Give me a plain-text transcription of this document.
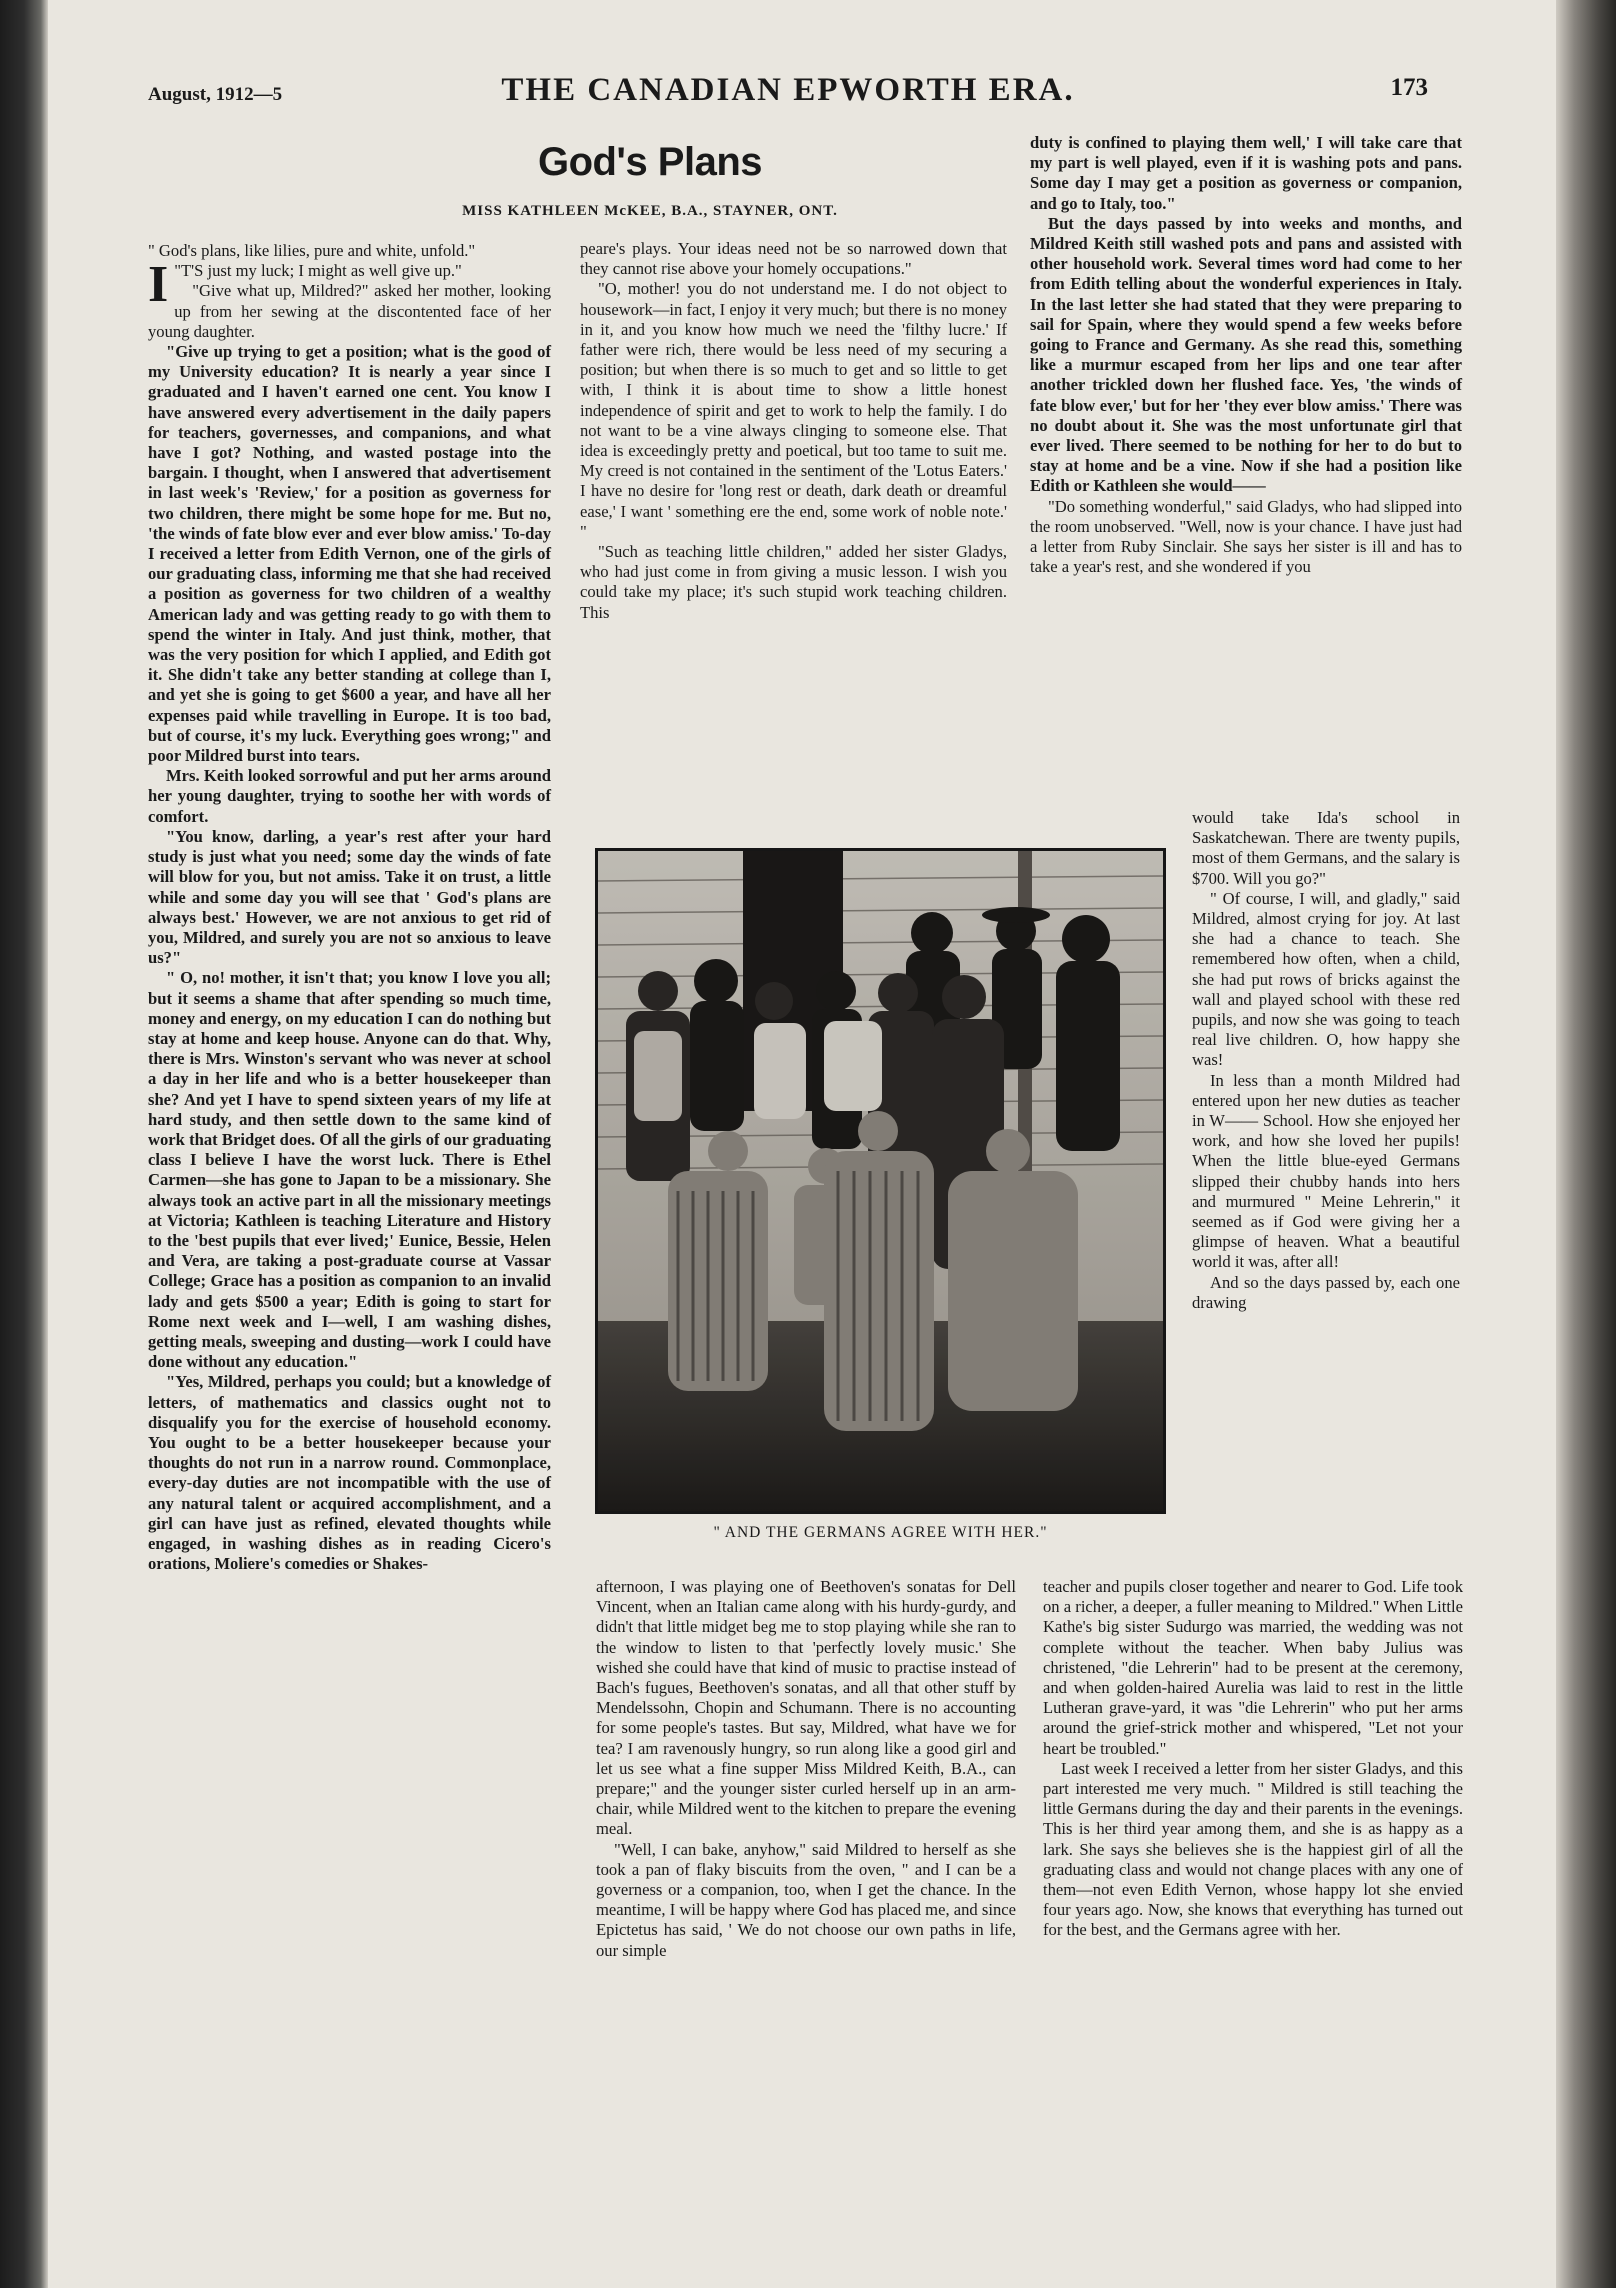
August, 1912—5	THE CANADIAN EPWORTH ERA.	173
God's Plans
MISS KATHLEEN McKEE, B.A., STAYNER, ONT.

" God's plans, like lilies, pure and white, unfold."

I "T'S just my luck; I might as well give up."

"Give what up, Mildred?" asked her mother, looking up from her sewing at the discontented face of her young daughter.

"Give up trying to get a position; what is the good of my University education? It is nearly a year since I graduated and I haven't earned one cent. You know I have answered every advertisement in the daily papers for teachers, governesses, and companions, and what have I got? Nothing, and wasted postage into the bargain. I thought, when I answered that advertisement in last week's 'Review,' for a position as governess for two children, there might be some hope for me. But no, 'the winds of fate blow ever and ever blow amiss.' To-day I received a letter from Edith Vernon, one of the girls of our graduating class, informing me that she had received a position as governess for two children of a wealthy American lady and was getting ready to go with them to spend the winter in Italy. And just think, mother, that was the very position for which I applied, and Edith got it. She didn't take any better standing at college than I, and yet she is going to get $600 a year, and have all her expenses paid while travelling in Europe. It is too bad, but of course, it's my luck. Everything goes wrong;" and poor Mildred burst into tears.

Mrs. Keith looked sorrowful and put her arms around her young daughter, trying to soothe her with words of comfort.

"You know, darling, a year's rest after your hard study is just what you need; some day the winds of fate will blow for you, but not amiss. Take it on trust, a little while and some day you will see that ' God's plans are always best.' However, we are not anxious to get rid of you, Mildred, and surely you are not so anxious to leave us?"

" O, no! mother, it isn't that; you know I love you all; but it seems a shame that after spending so much time, money and energy, on my education I can do nothing but stay at home and keep house. Anyone can do that. Why, there is Mrs. Winston's servant who was never at school a day in her life and who is a better housekeeper than she? And yet I have to spend sixteen years of my life at hard study, and then settle down to the same kind of work that Bridget does. Of all the girls of our graduating class I believe I have the worst luck. There is Ethel Carmen—she has gone to Japan to be a missionary. She always took an active part in all the missionary meetings at Victoria; Kathleen is teaching Literature and History to the 'best pupils that ever lived;' Eunice, Bessie, Helen and Vera, are taking a post-graduate course at Vassar College; Grace has a position as companion to an invalid lady and gets $500 a year; Edith is going to start for Rome next week and I—well, I am washing dishes, getting meals, sweeping and dusting—work I could have done without any education."

"Yes, Mildred, perhaps you could; but a knowledge of letters, of mathematics and classics ought not to disqualify you for the exercise of household economy. You ought to be a better housekeeper because your thoughts do not run in a narrow round. Commonplace, every-day duties are not incompatible with the use of any natural talent or acquired accomplishment, and a girl can have just as refined, elevated thoughts while engaged, in washing dishes as in reading Cicero's orations, Moliere's comedies or Shakes-

peare's plays. Your ideas need not be so narrowed down that they cannot rise above your homely occupations."

"O, mother! you do not understand me. I do not object to housework—in fact, I enjoy it very much; but there is no money in it, and you know how much we need the 'filthy lucre.' If father were rich, there would be less need of my securing a position; but when there is so much to get and so little to get with, I think it is about time to show a little honest independence of spirit and get to work to help the family. I do not want to be a vine always clinging to someone else. That idea is exceedingly pretty and poetical, but too tame to suit me. My creed is not contained in the sentiment of the 'Lotus Eaters.' I have no desire for 'long rest or death, dark death or dreamful ease,' I want ' something ere the end, some work of noble note.' "

"Such as teaching little children," added her sister Gladys, who had just come in from giving a music lesson. I wish you could take my place; it's such stupid work teaching children. This

duty is confined to playing them well,' I will take care that my part is well played, even if it is washing pots and pans. Some day I may get a position as governess or companion, and go to Italy, too."

But the days passed by into weeks and months, and Mildred Keith still washed pots and pans and assisted with other household work. Several times word had come to her from Edith telling about the wonderful experiences in Italy. In the last letter she had stated that they were preparing to sail for Spain, where they would spend a few weeks before going to France and Germany. As she read this, something like a murmur escaped from her lips and one tear after another trickled down her flushed face. Yes, 'the winds of fate blow ever,' but for her 'they ever blow amiss.' There was no doubt about it. She was the most unfortunate girl that ever lived. There seemed to be nothing for her to do but to stay at home and be a vine. Now if she had a position like Edith or Kathleen she would——

"Do something wonderful," said Gladys, who had slipped into the room unobserved. "Well, now is your chance. I have just had a letter from Ruby Sinclair. She says her sister is ill and has to take a year's rest, and she wondered if you

" AND THE GERMANS AGREE WITH HER."

would take Ida's school in Saskatchewan. There are twenty pupils, most of them Germans, and the salary is $700. Will you go?"

" Of course, I will, and gladly," said Mildred, almost crying for joy. At last she had a chance to teach. She remembered how often, when a child, she had put rows of bricks against the wall and played school with these red pupils, and now she was going to teach real live children. O, how happy she was!

In less than a month Mildred had entered upon her new duties as teacher in W—— School. How she enjoyed her work, and how she loved her pupils! When the little blue-eyed Germans slipped their chubby hands into hers and murmured " Meine Lehrerin," it seemed as if God were giving her a glimpse of heaven. What a beautiful world it was, after all!

And so the days passed by, each one drawing

afternoon, I was playing one of Beethoven's sonatas for Dell Vincent, when an Italian came along with his hurdy-gurdy, and didn't that little midget beg me to stop playing while she ran to the window to listen to that 'perfectly lovely music.' She wished she could have that kind of music to practise instead of Bach's fugues, Beethoven's sonatas, and all that other stuff by Mendelssohn, Chopin and Schumann. There is no accounting for some people's tastes. But say, Mildred, what have we for tea? I am ravenously hungry, so run along like a good girl and let us see what a fine supper Miss Mildred Keith, B.A., can prepare;" and the younger sister curled herself up in an arm-chair, while Mildred went to the kitchen to prepare the evening meal.

"Well, I can bake, anyhow," said Mildred to herself as she took a pan of flaky biscuits from the oven, " and I can be a governess or a companion, too, when I get the chance. In the meantime, I will be happy where God has placed me, and since Epictetus has said, ' We do not choose our own paths in life, our simple

teacher and pupils closer together and nearer to God. Life took on a richer, a deeper, a fuller meaning to Mildred." When Little Kathe's big sister Sudurgo was married, the wedding was not complete without the teacher. When baby Julius was christened, "die Lehrerin" had to be present at the ceremony, and when golden-haired Aurelia was laid to rest in the little Lutheran grave-yard, it was "die Lehrerin" who put her arms around the grief-strick mother and whispered, "Let not your heart be troubled."

Last week I received a letter from her sister Gladys, and this part interested me very much. " Mildred is still teaching the little Germans during the day and their parents in the evenings. This is her third year among them, and she is as happy as a lark. She says she believes she is the happiest girl of all the graduating class and would not change places with any one of them—not even Edith Vernon, whose happy lot she envied four years ago. Now, she knows that everything has turned out for the best, and the Germans agree with her.
